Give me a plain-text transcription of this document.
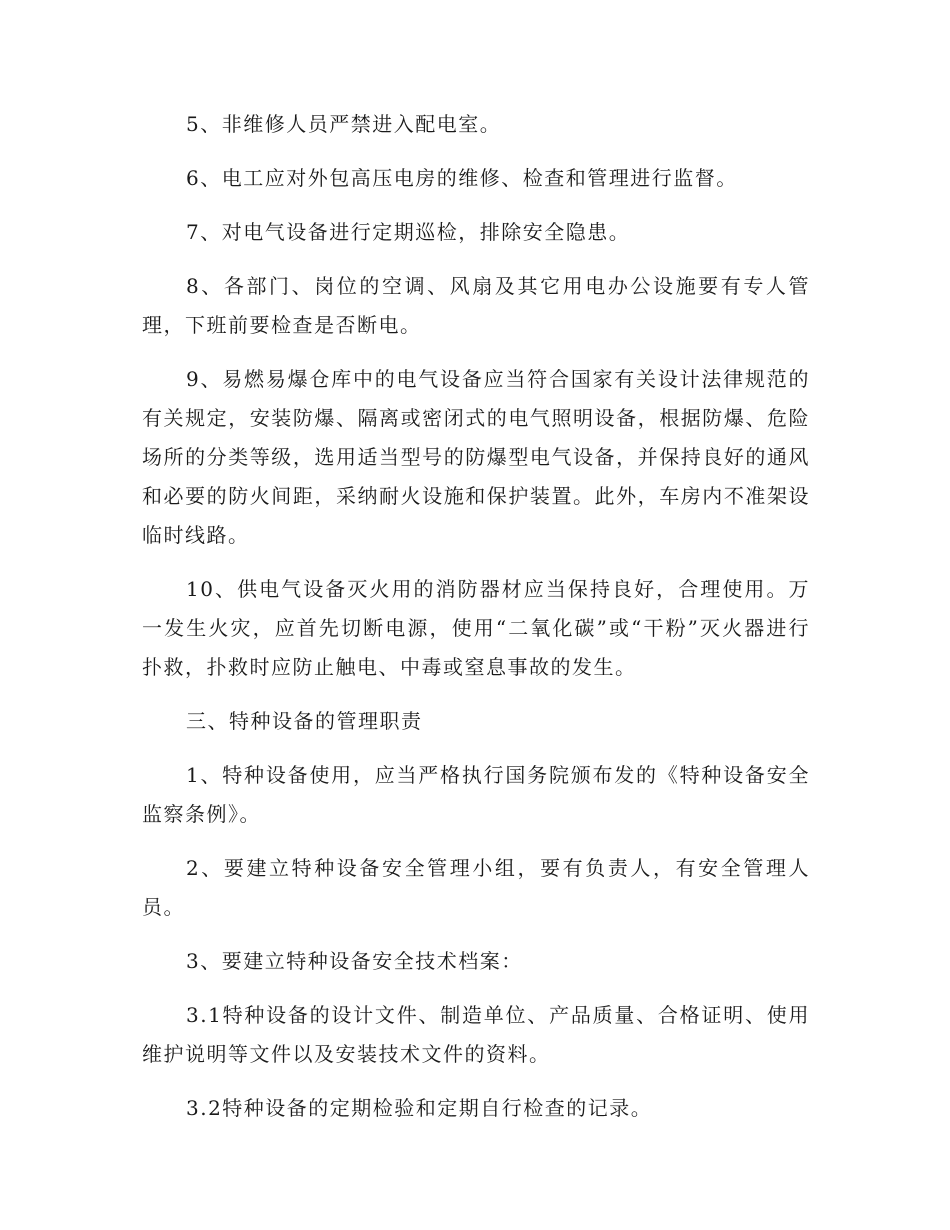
5、非维修人员严禁进入配电室。

6、电工应对外包高压电房的维修、检查和管理进行监督。

7、对电气设备进行定期巡检，排除安全隐患。

8、各部门、岗位的空调、风扇及其它用电办公设施要有专人管理，下班前要检查是否断电。

9、易燃易爆仓库中的电气设备应当符合国家有关设计法律规范的有关规定，安装防爆、隔离或密闭式的电气照明设备，根据防爆、危险场所的分类等级，选用适当型号的防爆型电气设备，并保持良好的通风和必要的防火间距，采纳耐火设施和保护装置。此外，车房内不准架设临时线路。

10、供电气设备灭火用的消防器材应当保持良好，合理使用。万一发生火灾，应首先切断电源，使用“二氧化碳”或“干粉”灭火器进行扑救，扑救时应防止触电、中毒或窒息事故的发生。

三、特种设备的管理职责

1、特种设备使用，应当严格执行国务院颁布发的《特种设备安全监察条例》。

2、要建立特种设备安全管理小组，要有负责人，有安全管理人员。

3、要建立特种设备安全技术档案：

3.1特种设备的设计文件、制造单位、产品质量、合格证明、使用维护说明等文件以及安装技术文件的资料。

3.2特种设备的定期检验和定期自行检查的记录。
